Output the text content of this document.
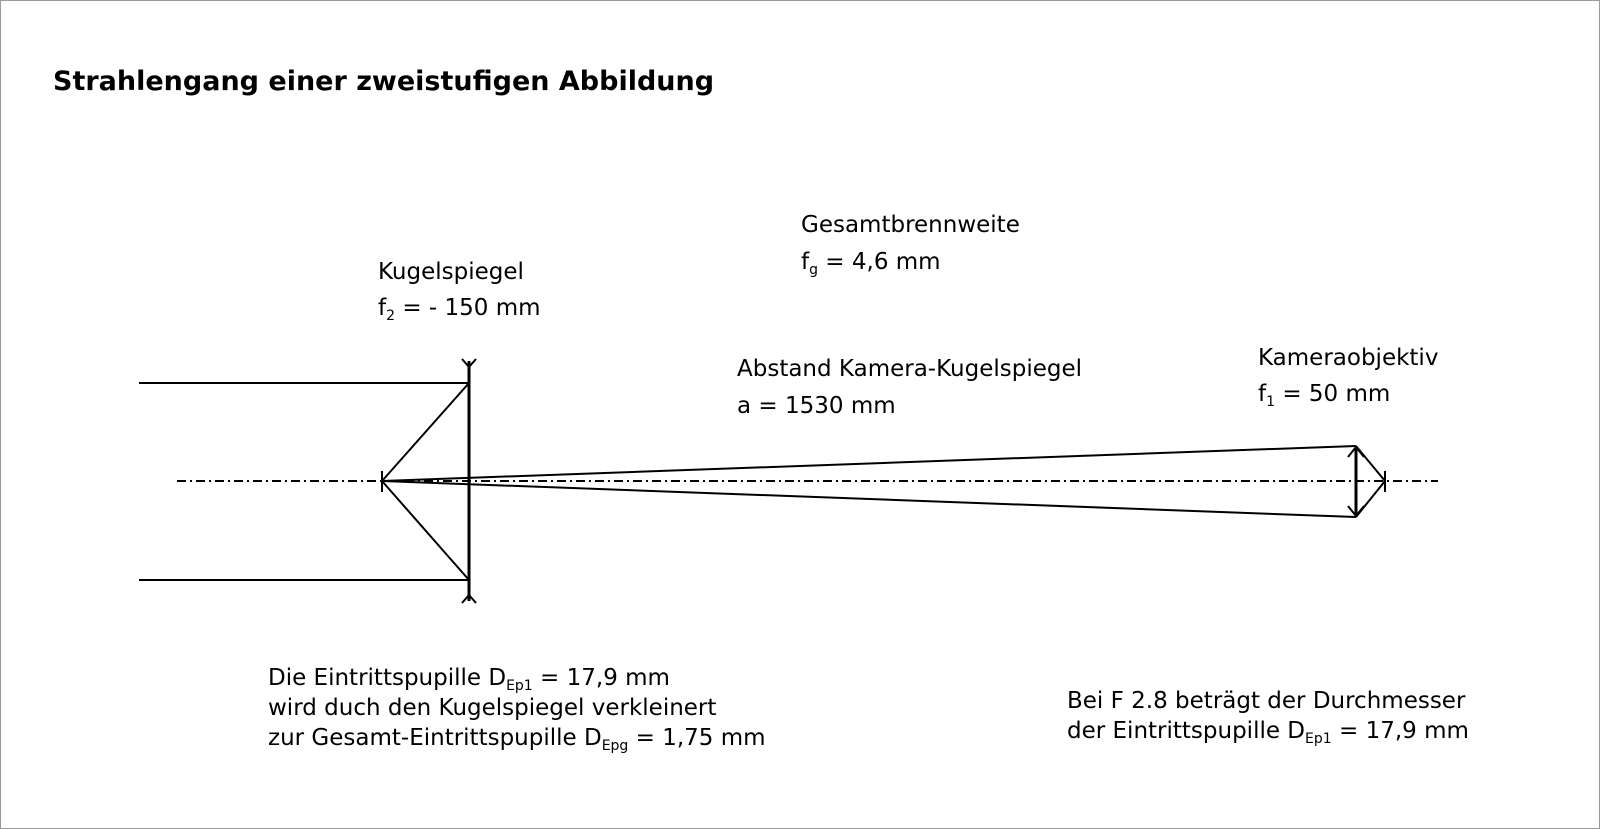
Strahlengang einer zweistufigen Abbildung
Gesamtbrennweite
$f_g = 4,6$ mm
Kugelspiegel
$f_2$ = - 150 mm
Abstand Kamera-Kugelspiegel
a = 1530 mm
Kameraobjektiv
$f_1 = 50$ mm
Die Eintrittspupille $D_{Ep1} = 17,9$ mm
wird duch den Kugelspiegel verkleinert
zur Gesamt-Eintrittspupille $D_{Epg} = 1,75$ mm
Bei F 2.8 beträgt der Durchmesser
der Eintrittspupille $D_{Ep1} = 17,9$ mm
